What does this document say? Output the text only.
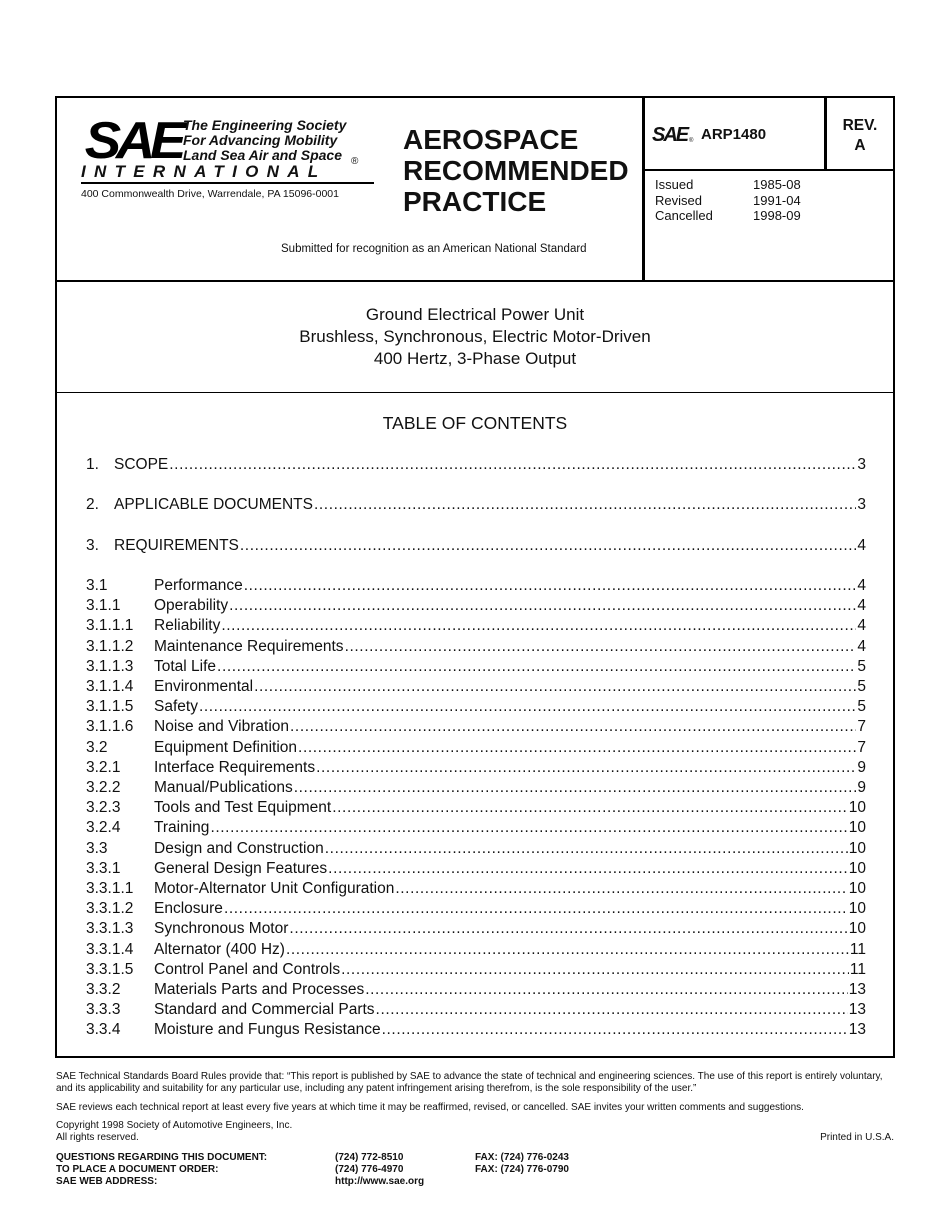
SAE The Engineering Society
For Advancing Mobility
Land Sea Air and Space ®
INTERNATIONAL
400 Commonwealth Drive, Warrendale, PA 15096-0001
AEROSPACE
RECOMMENDED
PRACTICE
Submitted for recognition as an American National Standard
SAE ® ARP1480
REV.
A
Issued	1985-08
Revised	1991-04
Cancelled	1998-09
Ground Electrical Power Unit
Brushless, Synchronous, Electric Motor-Driven
400 Hertz, 3-Phase Output
TABLE OF CONTENTS
1. SCOPE .....	3
2. APPLICABLE DOCUMENTS .....	3
3. REQUIREMENTS .....	4
3.1	Performance .....	4
3.1.1	Operability .....	4
3.1.1.1	Reliability .....	4
3.1.1.2	Maintenance Requirements .....	4
3.1.1.3	Total Life .....	5
3.1.1.4	Environmental .....	5
3.1.1.5	Safety .....	5
3.1.1.6	Noise and Vibration .....	7
3.2	Equipment Definition .....	7
3.2.1	Interface Requirements .....	9
3.2.2	Manual/Publications .....	9
3.2.3	Tools and Test Equipment .....	10
3.2.4	Training .....	10
3.3	Design and Construction .....	10
3.3.1	General Design Features .....	10
3.3.1.1	Motor-Alternator Unit Configuration .....	10
3.3.1.2	Enclosure .....	10
3.3.1.3	Synchronous Motor .....	10
3.3.1.4	Alternator (400 Hz) .....	11
3.3.1.5	Control Panel and Controls .....	11
3.3.2	Materials Parts and Processes .....	13
3.3.3	Standard and Commercial Parts .....	13
3.3.4	Moisture and Fungus Resistance .....	13
SAE Technical Standards Board Rules provide that: “This report is published by SAE to advance the state of technical and engineering sciences. The use of this report is entirely voluntary, and its applicability and suitability for any particular use, including any patent infringement arising therefrom, is the sole responsibility of the user.”
SAE reviews each technical report at least every five years at which time it may be reaffirmed, revised, or cancelled. SAE invites your written comments and suggestions.
Copyright 1998 Society of Automotive Engineers, Inc.
All rights reserved.	Printed in U.S.A.
QUESTIONS REGARDING THIS DOCUMENT:	(724) 772-8510	FAX: (724) 776-0243
TO PLACE A DOCUMENT ORDER:	(724) 776-4970	FAX: (724) 776-0790
SAE WEB ADDRESS:	http://www.sae.org
